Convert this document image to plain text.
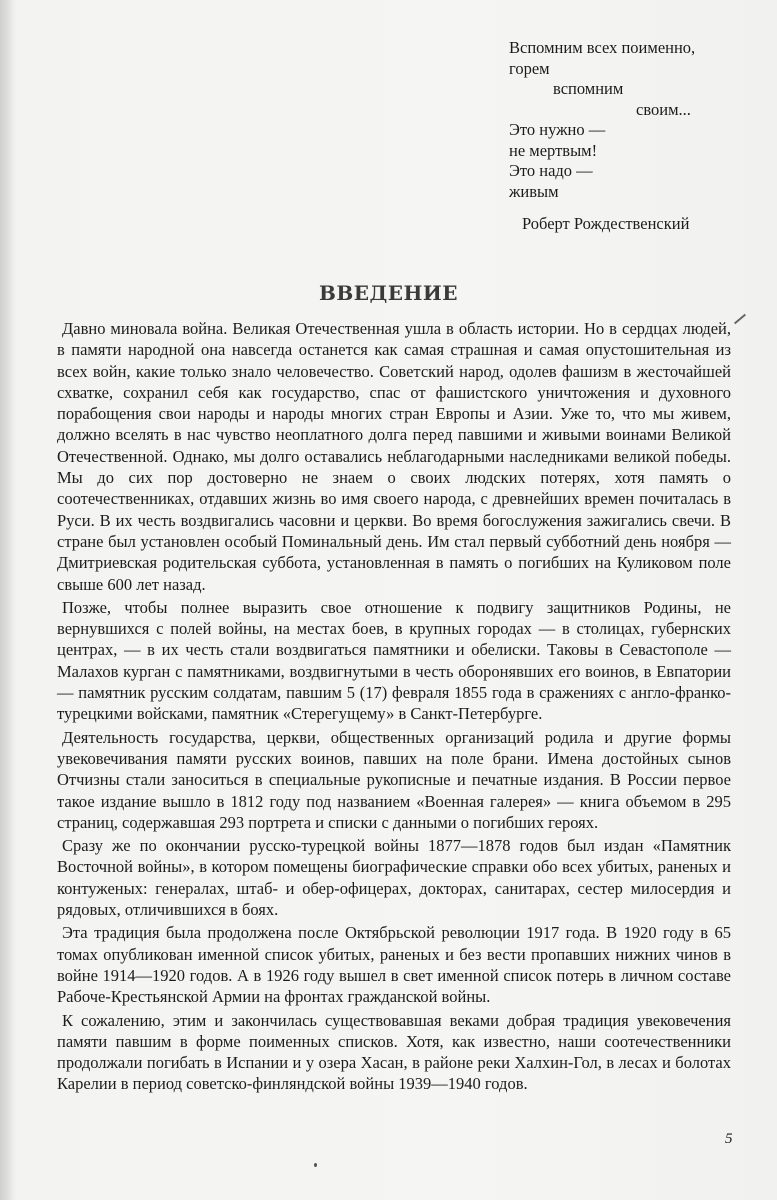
Вспомним всех поименно,
горем
вспомним
своим...
Это нужно —
не мертвым!
Это надо —
живым
Роберт Рождественский
ВВЕДЕНИЕ

Давно миновала война. Великая Отечественная ушла в область истории. Но в сердцах людей, в памяти народной она навсегда останется как самая страшная и самая опустошительная из всех войн, какие только знало человечество. Советский народ, одолев фашизм в жесточайшей схватке, сохранил себя как государство, спас от фашистского уничтожения и духовного порабощения свои народы и народы многих стран Европы и Азии. Уже то, что мы живем, должно вселять в нас чувство неоплатного долга перед павшими и живыми воинами Великой Отечественной. Однако, мы долго оставались неблагодарными наследниками великой победы. Мы до сих пор достоверно не знаем о своих людских потерях, хотя память о соотечественниках, отдавших жизнь во имя своего народа, с древнейших времен почиталась в Руси. В их честь воздвигались часовни и церкви. Во время богослужения зажигались свечи. В стране был установлен особый Поминальный день. Им стал первый субботний день ноября — Дмитриевская родительская суббота, установленная в память о погибших на Куликовом поле свыше 600 лет назад.

Позже, чтобы полнее выразить свое отношение к подвигу защитников Родины, не вернувшихся с полей войны, на местах боев, в крупных городах — в столицах, губернских центрах, — в их честь стали воздвигаться памятники и обелиски. Таковы в Севастополе — Малахов курган с памятниками, воздвигнутыми в честь оборонявших его воинов, в Евпатории — памятник русским солдатам, павшим 5 (17) февраля 1855 года в сражениях с англо-франко-турецкими войсками, памятник «Стерегущему» в Санкт-Петербурге.

Деятельность государства, церкви, общественных организаций родила и другие формы увековечивания памяти русских воинов, павших на поле брани. Имена достойных сынов Отчизны стали заноситься в специальные рукописные и печатные издания. В России первое такое издание вышло в 1812 году под названием «Военная галерея» — книга объемом в 295 страниц, содержавшая 293 портрета и списки с данными о погибших героях.

Сразу же по окончании русско-турецкой войны 1877—1878 годов был издан «Памятник Восточной войны», в котором помещены биографические справки обо всех убитых, раненых и контуженых: генералах, штаб- и обер-офицерах, докторах, санитарах, сестер милосердия и рядовых, отличившихся в боях.

Эта традиция была продолжена после Октябрьской революции 1917 года. В 1920 году в 65 томах опубликован именной список убитых, раненых и без вести пропавших нижних чинов в войне 1914—1920 годов. А в 1926 году вышел в свет именной список потерь в личном составе Рабоче-Крестьянской Армии на фронтах гражданской войны.

К сожалению, этим и закончилась существовавшая веками добрая традиция увековечения памяти павшим в форме поименных списков. Хотя, как известно, наши соотечественники продолжали погибать в Испании и у озера Хасан, в районе реки Халхин-Гол, в лесах и болотах Карелии в период советско-финляндской войны 1939—1940 годов.

5
